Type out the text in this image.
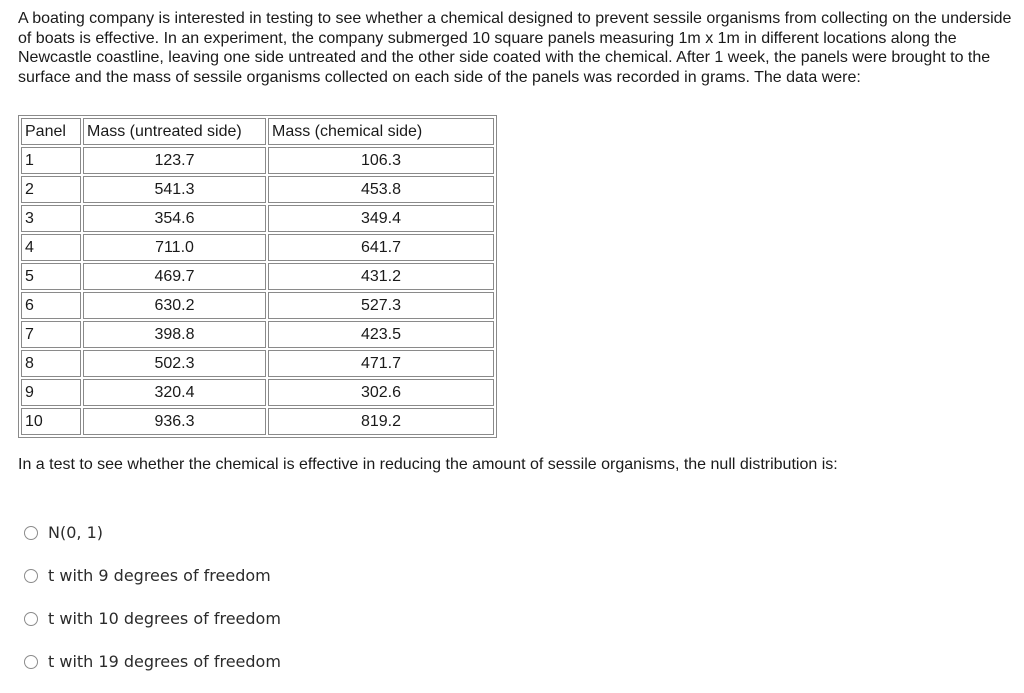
A boating company is interested in testing to see whether a chemical designed to prevent sessile organisms from collecting on the underside of boats is effective. In an experiment, the company submerged 10 square panels measuring 1m x 1m in different locations along the Newcastle coastline, leaving one side untreated and the other side coated with the chemical. After 1 week, the panels were brought to the surface and the mass of sessile organisms collected on each side of the panels was recorded in grams. The data were:

Panel	Mass (untreated side)	Mass (chemical side)
1	123.7	106.3
2	541.3	453.8
3	354.6	349.4
4	711.0	641.7
5	469.7	431.2
6	630.2	527.3
7	398.8	423.5
8	502.3	471.7
9	320.4	302.6
10	936.3	819.2

In a test to see whether the chemical is effective in reducing the amount of sessile organisms, the null distribution is:

N(0, 1)
t with 9 degrees of freedom
t with 10 degrees of freedom
t with 19 degrees of freedom
